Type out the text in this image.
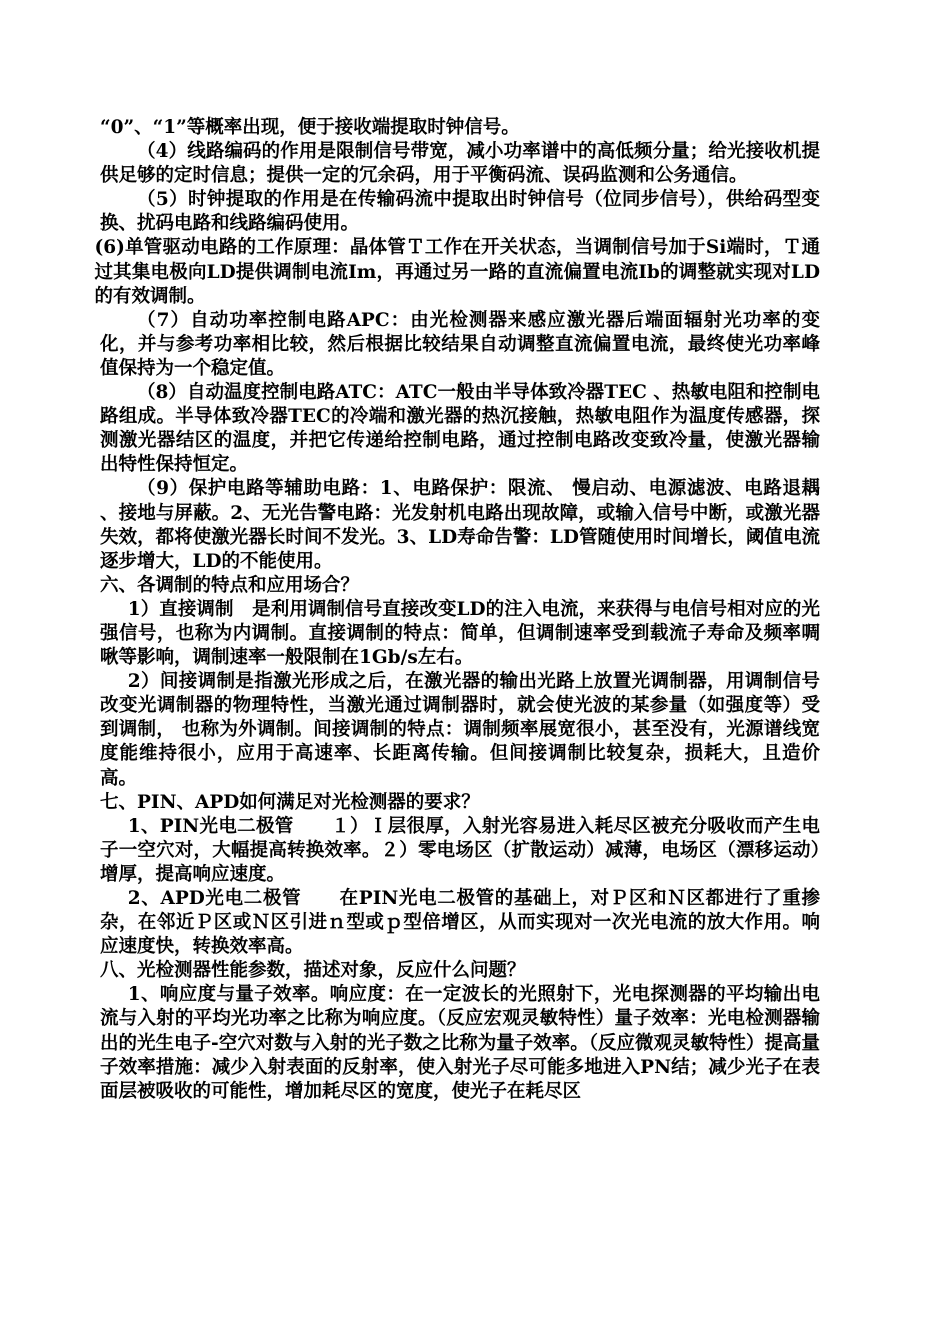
“0”、“1”等概率出现，便于接收端提取时钟信号。

（4）线路编码的作用是限制信号带宽，减小功率谱中的高低频分量；给光接收机提供足够的定时信息；提供一定的冗余码，用于平衡码流、误码监测和公务通信。

（5）时钟提取的作用是在传输码流中提取出时钟信号（位同步信号），供给码型变换、扰码电路和线路编码使用。

(6)单管驱动电路的工作原理：晶体管Ｔ工作在开关状态，当调制信号加于Si端时，Ｔ通过其集电极向LD提供调制电流Im，再通过另一路的直流偏置电流Ib的调整就实现对LD的有效调制。

（7）自动功率控制电路APC：由光检测器来感应激光器后端面辐射光功率的变化，并与参考功率相比较，然后根据比较结果自动调整直流偏置电流，最终使光功率峰值保持为一个稳定值。

（8）自动温度控制电路ATC：ATC一般由半导体致冷器TEC 、热敏电阻和控制电路组成。半导体致冷器TEC的冷端和激光器的热沉接触，热敏电阻作为温度传感器，探测激光器结区的温度，并把它传递给控制电路，通过控制电路改变致冷量，使激光器输出特性保持恒定。

（9）保护电路等辅助电路：1、电路保护：限流、 慢启动、电源滤波、电路退耦 、接地与屏蔽。2、无光告警电路：光发射机电路出现故障，或输入信号中断，或激光器失效，都将使激光器长时间不发光。3、LD寿命告警：LD管随使用时间增长，阈值电流逐步增大，LD的不能使用。

六、各调制的特点和应用场合？

1）直接调制　是利用调制信号直接改变LD的注入电流，来获得与电信号相对应的光强信号，也称为内调制。直接调制的特点：简单，但调制速率受到载流子寿命及频率啁啾等影响，调制速率一般限制在1Gb/s左右。

2）间接调制是指激光形成之后，在激光器的输出光路上放置光调制器，用调制信号改变光调制器的物理特性，当激光通过调制器时，就会使光波的某参量（如强度等）受到调制， 也称为外调制。间接调制的特点：调制频率展宽很小，甚至没有，光源谱线宽度能维持很小，应用于高速率、长距离传输。但间接调制比较复杂，损耗大，且造价高。

七、PIN、APD如何满足对光检测器的要求？

1、PIN光电二极管　　１）Ｉ层很厚，入射光容易进入耗尽区被充分吸收而产生电子一空穴对，大幅提高转换效率。２）零电场区（扩散运动）减薄，电场区（漂移运动）增厚，提高响应速度。

2、APD光电二极管　　在PIN光电二极管的基础上，对Ｐ区和Ｎ区都进行了重掺杂，在邻近Ｐ区或Ｎ区引进ｎ型或ｐ型倍增区，从而实现对一次光电流的放大作用。响应速度快，转换效率高。

八、光检测器性能参数，描述对象，反应什么问题？

1、响应度与量子效率。响应度：在一定波长的光照射下，光电探测器的平均输出电流与入射的平均光功率之比称为响应度。（反应宏观灵敏特性）量子效率：光电检测器输出的光生电子-空穴对数与入射的光子数之比称为量子效率。（反应微观灵敏特性）提高量子效率措施：减少入射表面的反射率，使入射光子尽可能多地进入PN结；减少光子在表面层被吸收的可能性，增加耗尽区的宽度，使光子在耗尽区
